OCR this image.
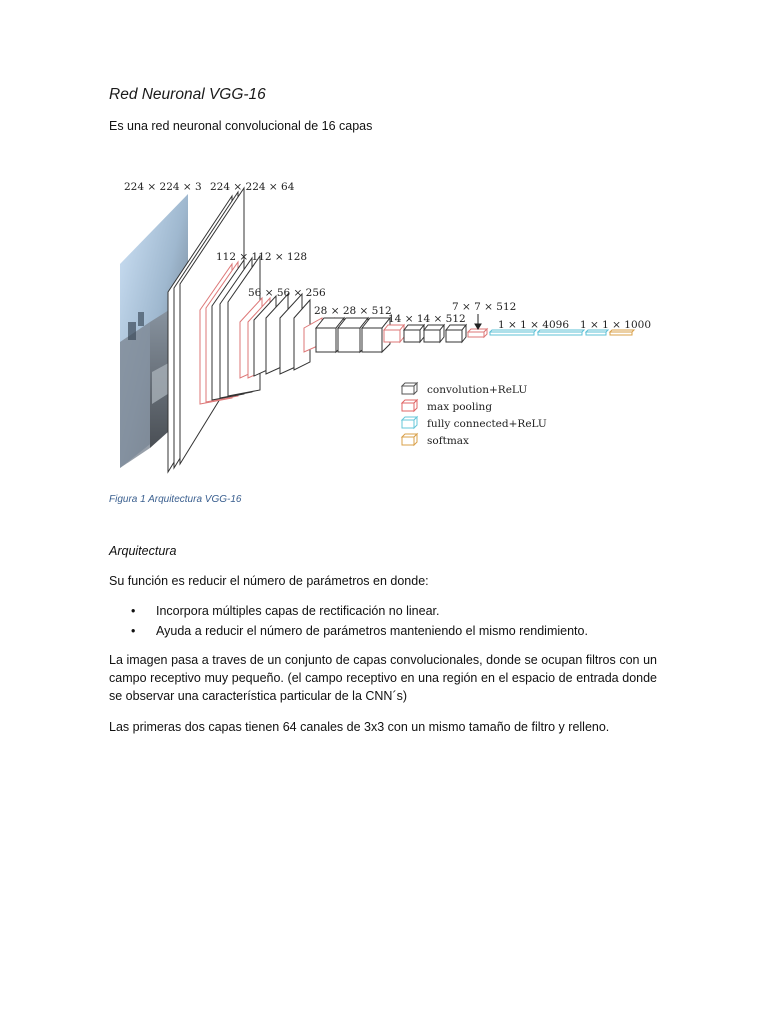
Red Neuronal VGG-16

Es una red neuronal convolucional de 16 capas

224 × 224 × 3 224 × 224 × 64
112 × 112 × 128
56 × 56 × 256
28 × 28 × 512
14 × 14 × 512
7 × 7 × 512
1 × 1 × 4096 1 × 1 × 1000
convolution+ReLU
max pooling
fully connected+ReLU
softmax

Figura 1 Arquitectura VGG-16

Arquitectura

Su función es reducir el número de parámetros en donde:

• Incorpora múltiples capas de rectificación no linear.
• Ayuda a reducir el número de parámetros manteniendo el mismo rendimiento.

La imagen pasa a traves de un conjunto de capas convolucionales, donde se ocupan filtros con un campo receptivo muy pequeño. (el campo receptivo en una región en el espacio de entrada donde se observar una característica particular de la CNN´s)

Las primeras dos capas tienen 64 canales de 3x3 con un mismo tamaño de filtro y relleno.
